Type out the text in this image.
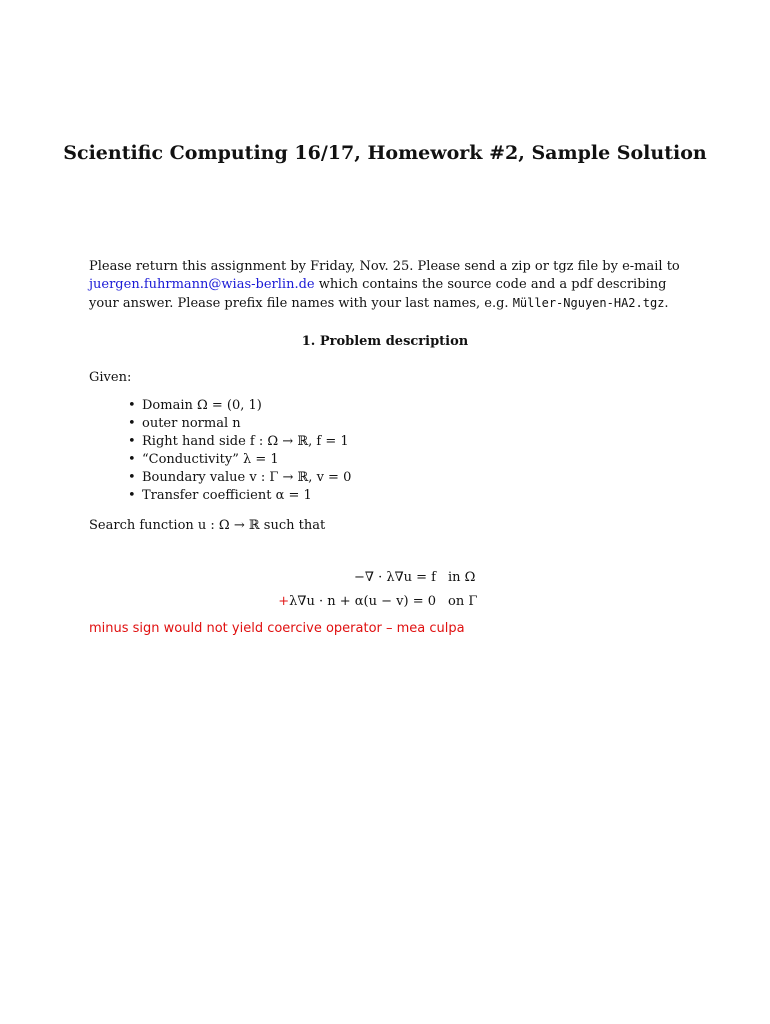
Scientific Computing 16/17, Homework #2, Sample Solution
Please return this assignment by Friday, Nov. 25. Please send a zip or tgz file by e-mail to
juergen.fuhrmann@wias-berlin.de which contains the source code and a pdf describing your answer. Please prefix file names with your last names, e.g. Müller-Nguyen-HA2.tgz.
1. Problem description
Given:
• Domain Ω = (0, 1)
• outer normal n
• Right hand side f : Ω → ℝ, f = 1
• “Conductivity” λ = 1
• Boundary value v : Γ → ℝ, v = 0
• Transfer coefficient α = 1
Search function u : Ω → ℝ such that
−∇ · λ∇u = f in Ω
+λ∇u · n + α(u − v) = 0 on Γ
minus sign would not yield coercive operator – mea culpa
